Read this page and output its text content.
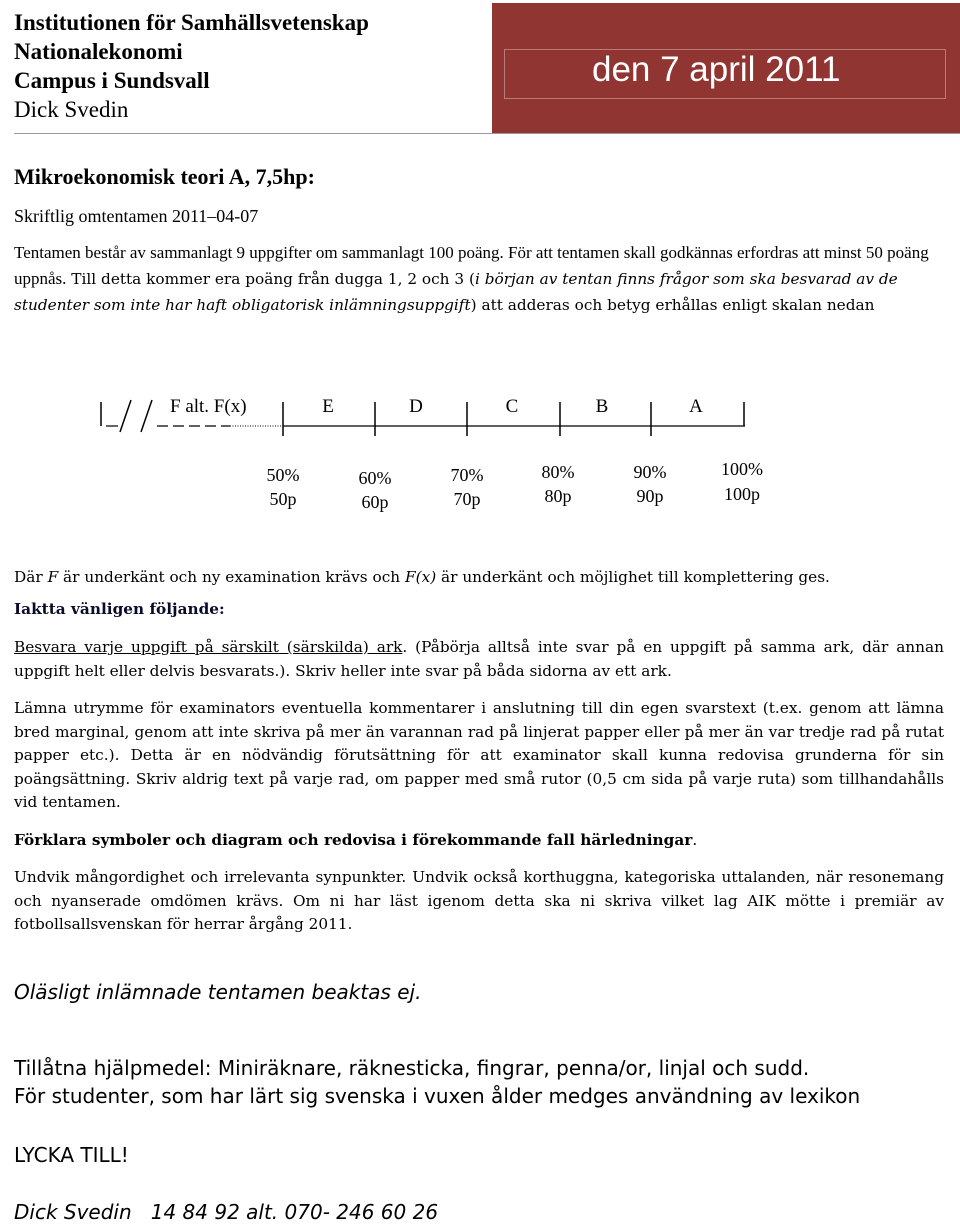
Institutionen för Samhällsvetenskap
Nationalekonomi
Campus i Sundsvall
Dick Svedin
den 7 april 2011
Mikroekonomisk teori A, 7,5hp:
Skriftlig omtentamen 2011–04-07
Tentamen består av sammanlagt 9 uppgifter om sammanlagt 100 poäng. För att tentamen skall godkännas erfordras att minst 50 poäng uppnås. Till detta kommer era poäng från dugga 1, 2 och 3 (i början av tentan finns frågor som ska besvarad av de studenter som inte har haft obligatorisk inlämningsuppgift) att adderas och betyg erhållas enligt skalan nedan
F alt. F(x)	E	D	C	B	A
50%	60%	70%	80%	90%	100%
50p	60p	70p	80p	90p	100p
Där F är underkänt och ny examination krävs och F(x) är underkänt och möjlighet till komplettering ges.
Iaktta vänligen följande:
Besvara varje uppgift på särskilt (särskilda) ark. (Påbörja alltså inte svar på en uppgift på samma ark, där annan uppgift helt eller delvis besvarats.). Skriv heller inte svar på båda sidorna av ett ark.
Lämna utrymme för examinators eventuella kommentarer i anslutning till din egen svarstext (t.ex. genom att lämna bred marginal, genom att inte skriva på mer än varannan rad på linjerat papper eller på mer än var tredje rad på rutat papper etc.). Detta är en nödvändig förutsättning för att examinator skall kunna redovisa grunderna för sin poängsättning. Skriv aldrig text på varje rad, om papper med små rutor (0,5 cm sida på varje ruta) som tillhandahålls vid tentamen.
Förklara symboler och diagram och redovisa i förekommande fall härledningar.
Undvik mångordighet och irrelevanta synpunkter. Undvik också korthuggna, kategoriska uttalanden, när resonemang och nyanserade omdömen krävs. Om ni har läst igenom detta ska ni skriva vilket lag AIK mötte i premiär av fotbollsallsvenskan för herrar årgång 2011.
Oläsligt inlämnade tentamen beaktas ej.
Tillåtna hjälpmedel: Miniräknare, räknesticka, fingrar, penna/or, linjal och sudd.
För studenter, som har lärt sig svenska i vuxen ålder medges användning av lexikon
LYCKA TILL!
Dick Svedin   14 84 92 alt. 070- 246 60 26
